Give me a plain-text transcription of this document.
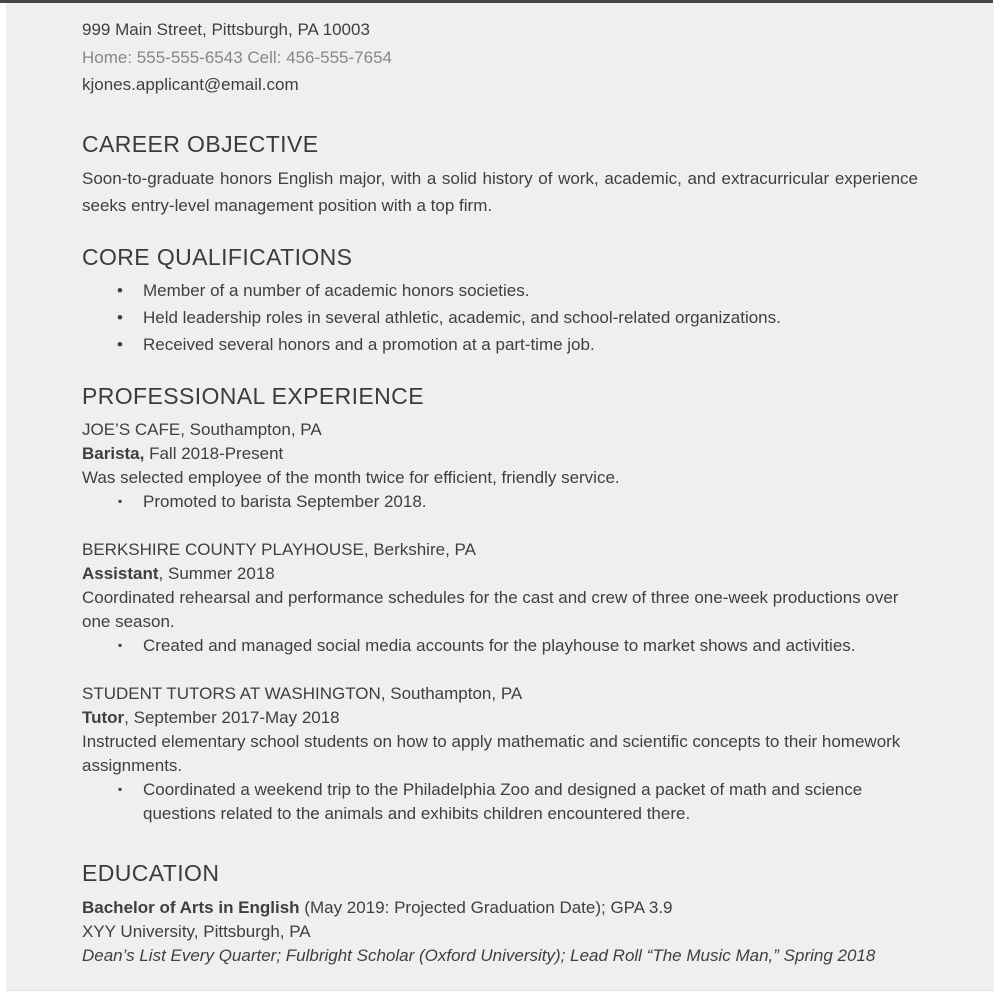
999 Main Street, Pittsburgh, PA 10003
Home: 555-555-6543 Cell: 456-555-7654
kjones.applicant@email.com
CAREER OBJECTIVE

Soon-to-graduate honors English major, with a solid history of work, academic, and extracurricular experience seeks entry-level management position with a top firm.

CORE QUALIFICATIONS
• Member of a number of academic honors societies.
• Held leadership roles in several athletic, academic, and school-related organizations.
• Received several honors and a promotion at a part-time job.
PROFESSIONAL EXPERIENCE
JOE’S CAFE, Southampton, PA
Barista, Fall 2018-Present
Was selected employee of the month twice for efficient, friendly service.
▪ Promoted to barista September 2018.
BERKSHIRE COUNTY PLAYHOUSE, Berkshire, PA
Assistant, Summer 2018
Coordinated rehearsal and performance schedules for the cast and crew of three one-week productions over one season.
▪ Created and managed social media accounts for the playhouse to market shows and activities.
STUDENT TUTORS AT WASHINGTON, Southampton, PA
Tutor, September 2017-May 2018
Instructed elementary school students on how to apply mathematic and scientific concepts to their homework assignments.
▪ Coordinated a weekend trip to the Philadelphia Zoo and designed a packet of math and science questions related to the animals and exhibits children encountered there.
EDUCATION
Bachelor of Arts in English (May 2019: Projected Graduation Date); GPA 3.9
XYY University, Pittsburgh, PA
Dean’s List Every Quarter; Fulbright Scholar (Oxford University); Lead Roll “The Music Man,” Spring 2018
